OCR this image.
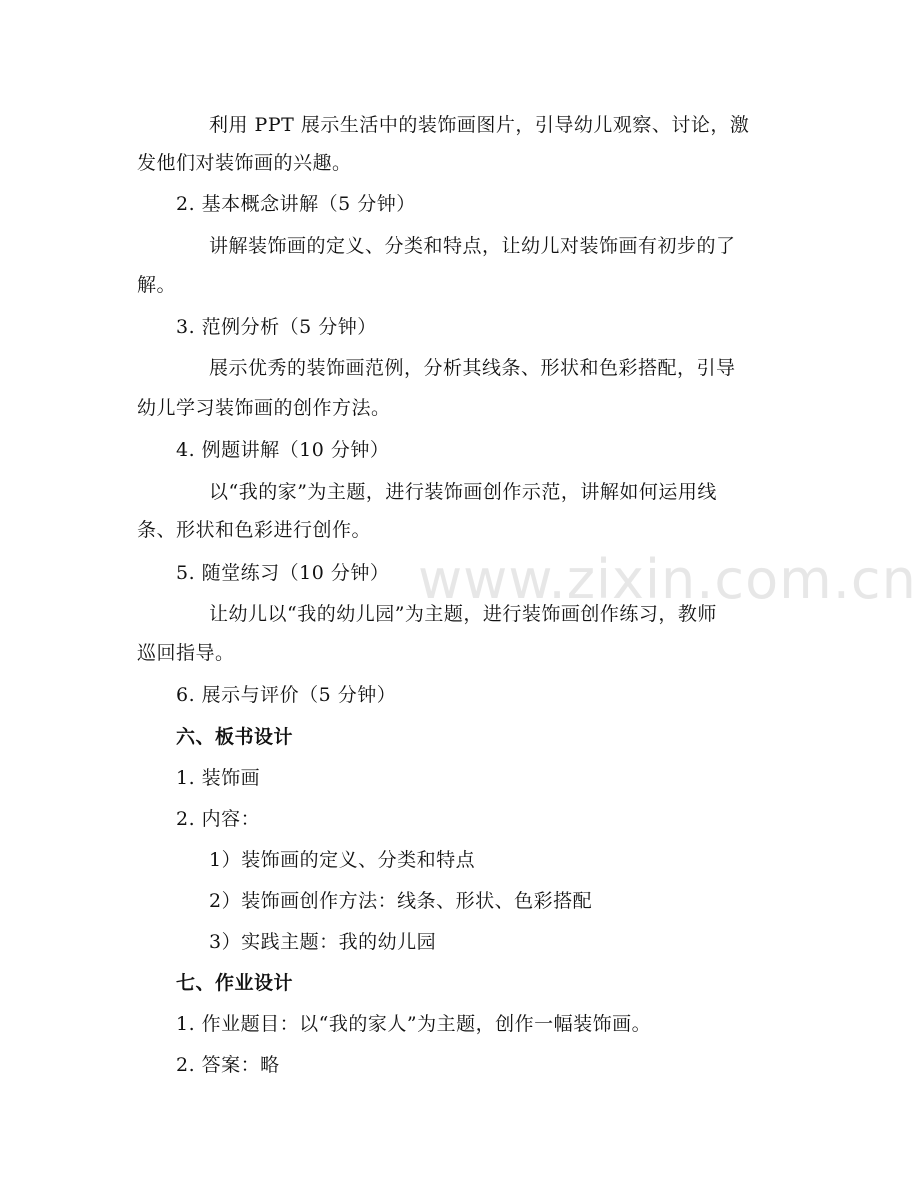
www.zixin.com.cn
利用 PPT 展示生活中的装饰画图片，引导幼儿观察、讨论，激
发他们对装饰画的兴趣。
2. 基本概念讲解（5 分钟）
讲解装饰画的定义、分类和特点，让幼儿对装饰画有初步的了
解。
3. 范例分析（5 分钟）
展示优秀的装饰画范例，分析其线条、形状和色彩搭配，引导
幼儿学习装饰画的创作方法。
4. 例题讲解（10 分钟）
以“我的家”为主题，进行装饰画创作示范，讲解如何运用线
条、形状和色彩进行创作。
5. 随堂练习（10 分钟）
让幼儿以“我的幼儿园”为主题，进行装饰画创作练习，教师
巡回指导。
6. 展示与评价（5 分钟）
六、板书设计
1. 装饰画
2. 内容：
1）装饰画的定义、分类和特点
2）装饰画创作方法：线条、形状、色彩搭配
3）实践主题：我的幼儿园
七、作业设计
1. 作业题目：以“我的家人”为主题，创作一幅装饰画。
2. 答案：略
